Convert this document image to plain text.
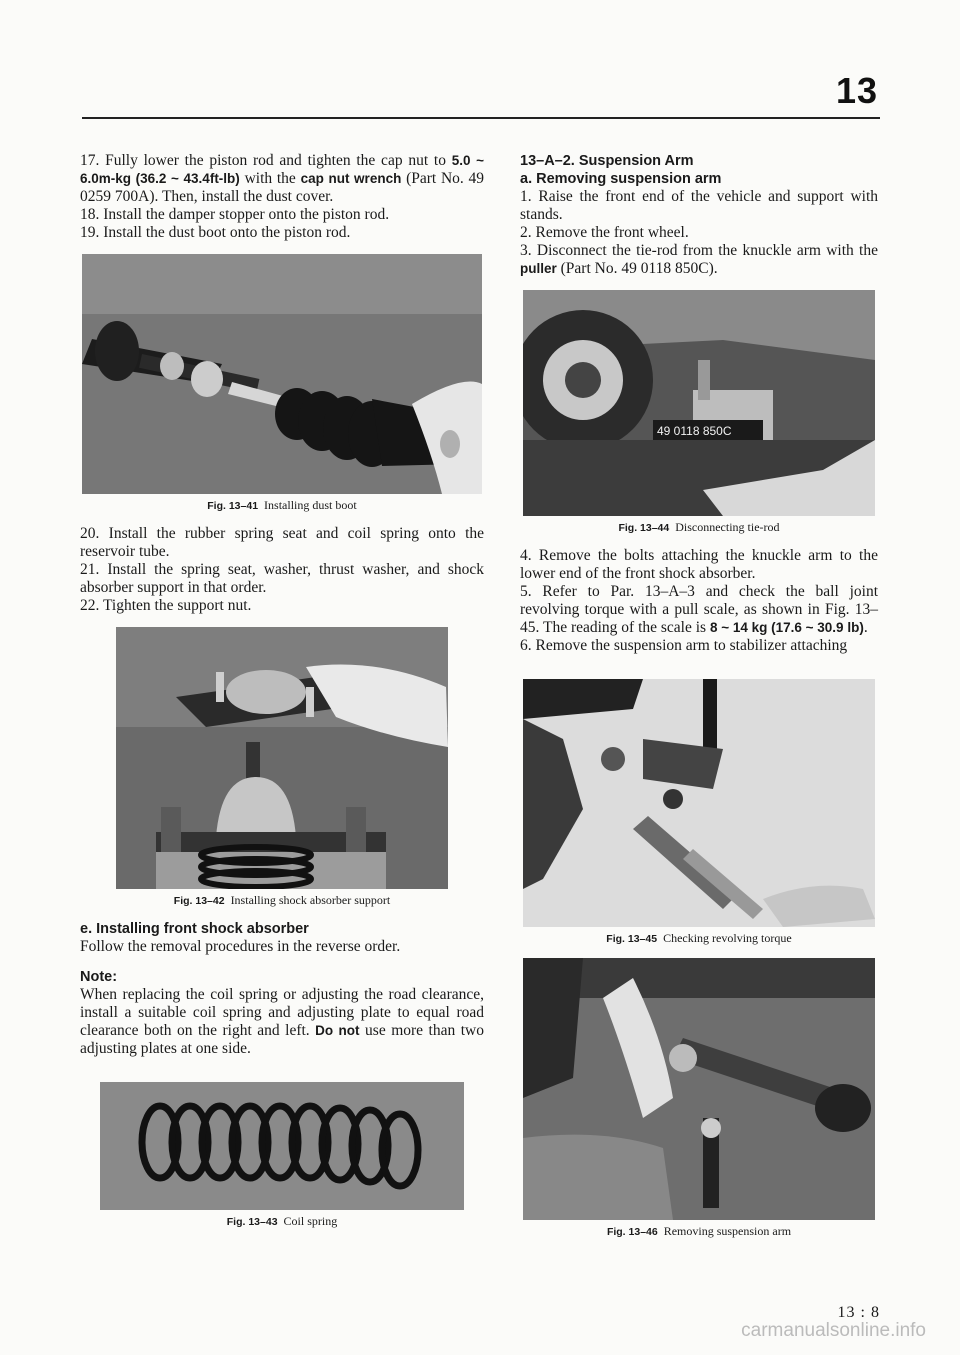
13

17. Fully lower the piston rod and tighten the cap nut to 5.0 ~ 6.0m-kg (36.2 ~ 43.4ft-lb) with the cap nut wrench (Part No. 49 0259 700A). Then, install the dust cover.

18. Install the damper stopper onto the piston rod.

19. Install the dust boot onto the piston rod.

Fig. 13–41 Installing dust boot

20. Install the rubber spring seat and coil spring onto the reservoir tube.

21. Install the spring seat, washer, thrust washer, and shock absorber support in that order.

22. Tighten the support nut.

Fig. 13–42 Installing shock absorber support

e. Installing front shock absorber

Follow the removal procedures in the reverse order.

Note:

When replacing the coil spring or adjusting the road clearance, install a suitable coil spring and adjusting plate to equal road clearance both on the right and left. Do not use more than two adjusting plates at one side.

Fig. 13–43 Coil spring

13–A–2. Suspension Arm

a. Removing suspension arm

1. Raise the front end of the vehicle and support with stands.

2. Remove the front wheel.

3. Disconnect the tie-rod from the knuckle arm with the puller (Part No. 49 0118 850C).

49 0118 850C
Fig. 13–44 Disconnecting tie-rod

4. Remove the bolts attaching the knuckle arm to the lower end of the front shock absorber.

5. Refer to Par. 13–A–3 and check the ball joint revolving torque with a pull scale, as shown in Fig. 13–45. The reading of the scale is 8 ~ 14 kg (17.6 ~ 30.9 lb).

6. Remove the suspension arm to stabilizer attaching

Fig. 13–45 Checking revolving torque
Fig. 13–46 Removing suspension arm
13 : 8
carmanualsonline.info
